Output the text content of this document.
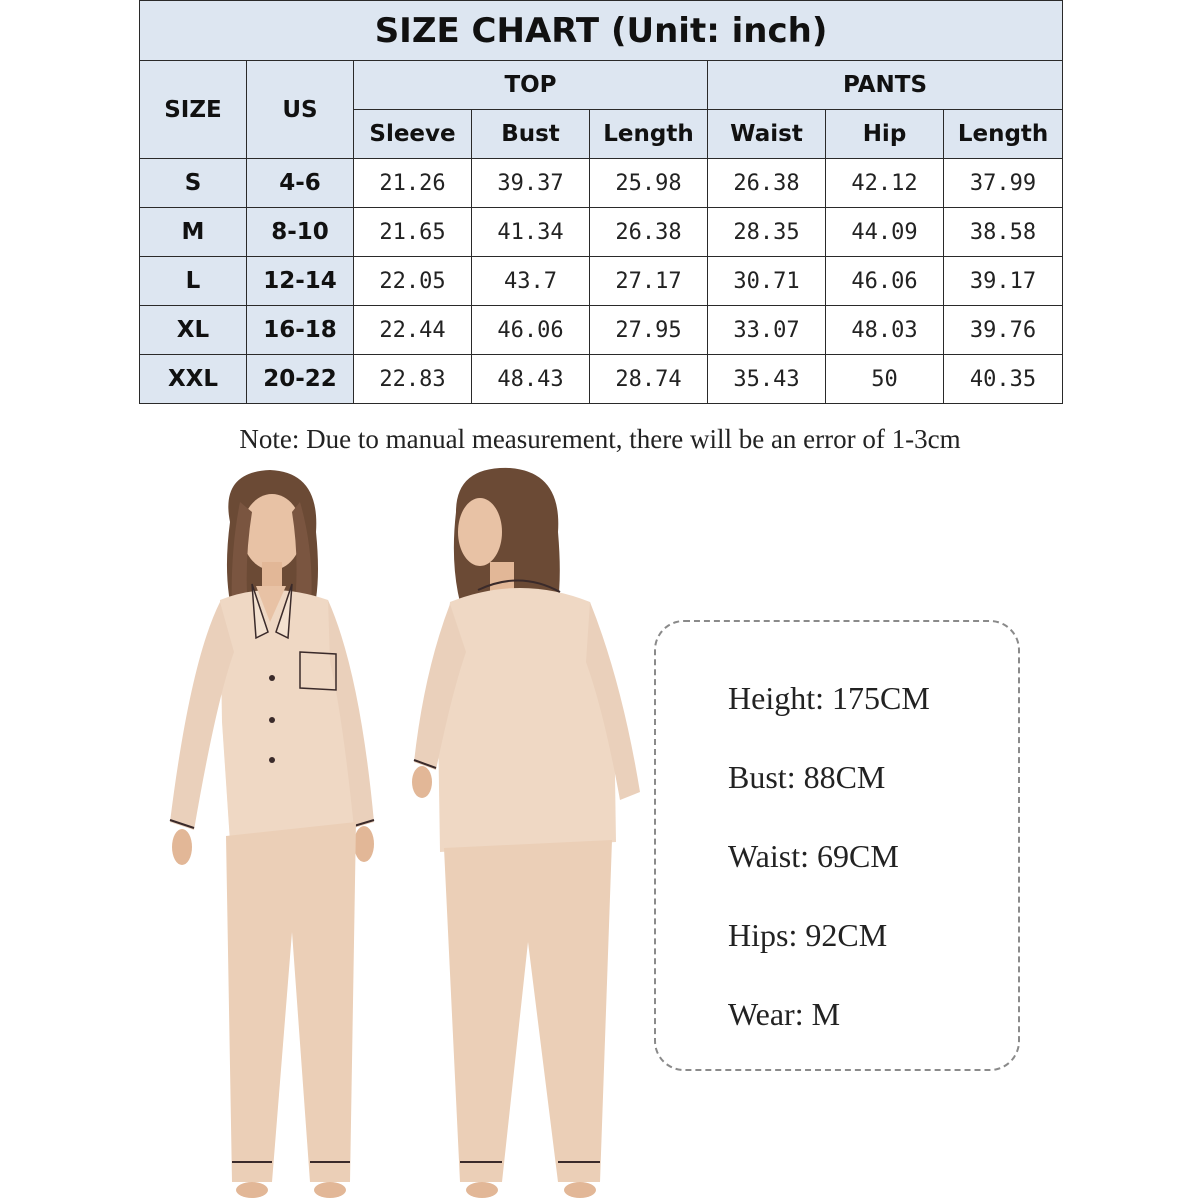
SIZE CHART (Unit: inch)							
SIZE	US	TOP			PANTS		
		Sleeve	Bust	Length	Waist	Hip	Length
S	4-6	21.26	39.37	25.98	26.38	42.12	37.99
M	8-10	21.65	41.34	26.38	28.35	44.09	38.58
L	12-14	22.05	43.7	27.17	30.71	46.06	39.17
XL	16-18	22.44	46.06	27.95	33.07	48.03	39.76
XXL	20-22	22.83	48.43	28.74	35.43	50	40.35
Note: Due to manual measurement, there will be an error of 1-3cm
Height: 175CM
Bust: 88CM
Waist: 69CM
Hips: 92CM
Wear: M
